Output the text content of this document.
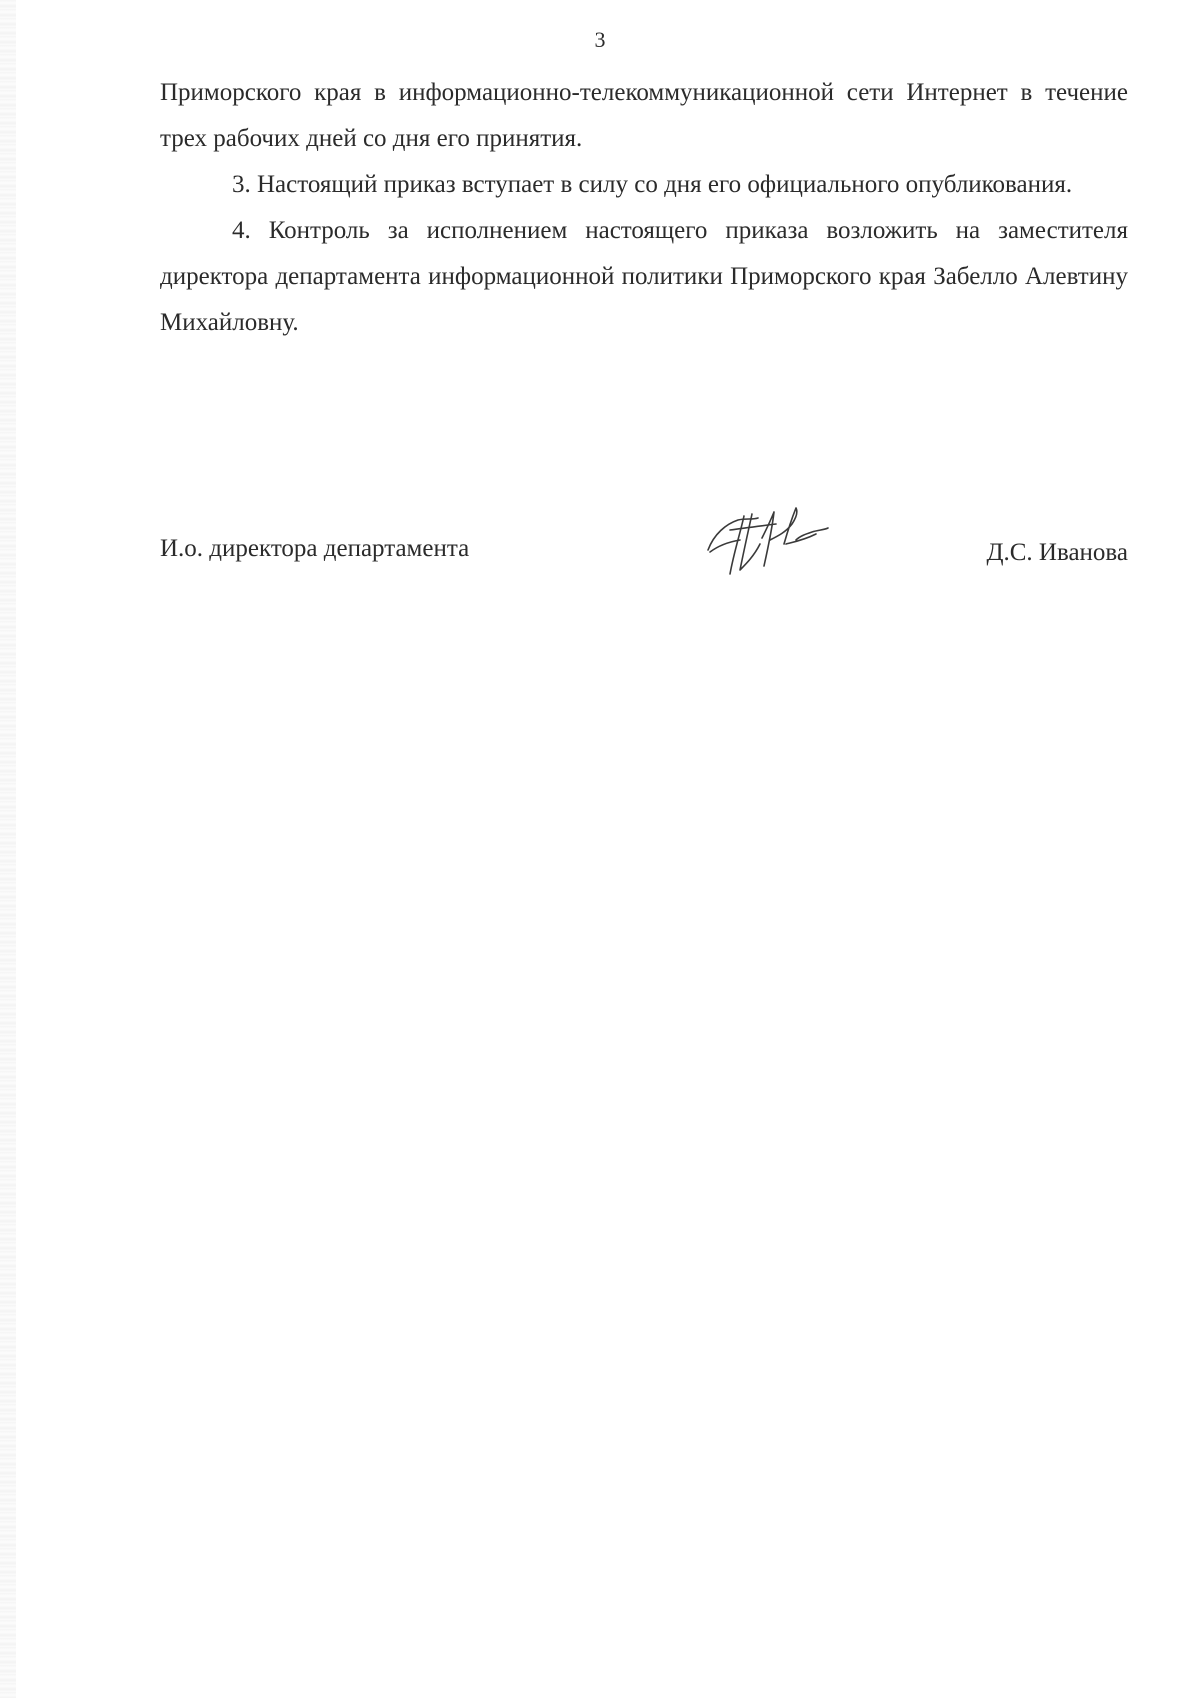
3

Приморского края в информационно-телекоммуникационной сети Интернет в течение трех рабочих дней со дня его принятия.

3. Настоящий приказ вступает в силу со дня его официального опубликования.

4. Контроль за исполнением настоящего приказа возложить на заместителя директора департамента информационной политики Приморского края Забелло Алевтину Михайловну.

И.о. директора департамента	Д.С. Иванова
